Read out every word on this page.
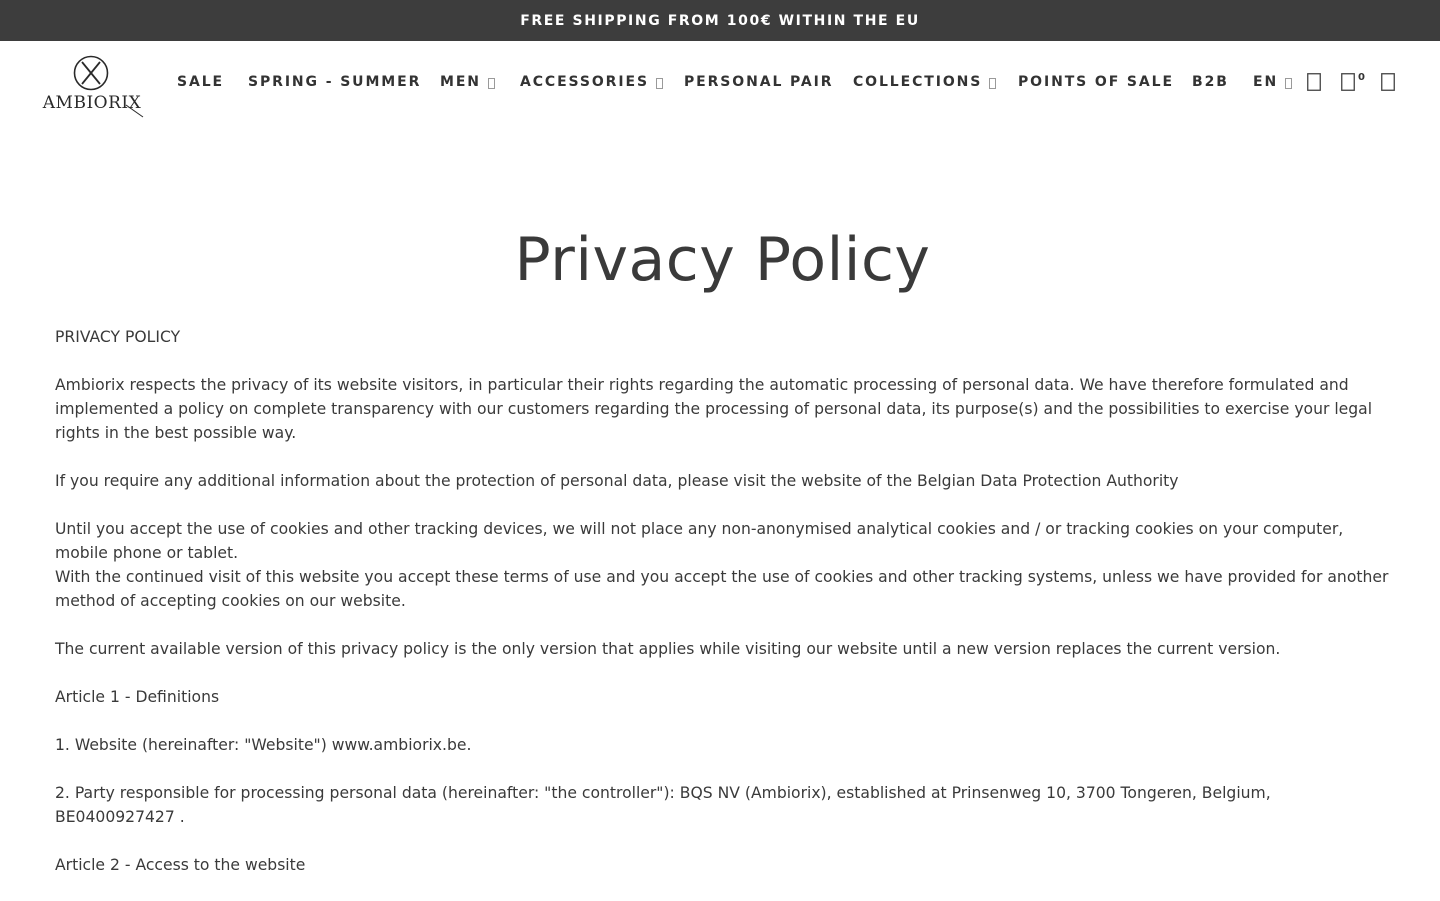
FREE SHIPPING FROM 100€ WITHIN THE EU
AMBIORIX
SALE SPRING - SUMMER MEN	ACCESSORIES	PERSONAL PAIR COLLECTIONS	POINTS OF SALE B2B EN	0
Privacy Policy

PRIVACY POLICY

Ambiorix respects the privacy of its website visitors, in particular their rights regarding the automatic processing of personal data. We have therefore formulated and implemented a policy on complete transparency with our customers regarding the processing of personal data, its purpose(s) and the possibilities to exercise your legal rights in the best possible way.

If you require any additional information about the protection of personal data, please visit the website of the Belgian Data Protection Authority

Until you accept the use of cookies and other tracking devices, we will not place any non-anonymised analytical cookies and / or tracking cookies on your computer, mobile phone or tablet.

With the continued visit of this website you accept these terms of use and you accept the use of cookies and other tracking systems, unless we have provided for another method of accepting cookies on our website.

The current available version of this privacy policy is the only version that applies while visiting our website until a new version replaces the current version.

Article 1 - Definitions

1. Website (hereinafter: "Website") www.ambiorix.be.

2. Party responsible for processing personal data (hereinafter: "the controller"): BQS NV (Ambiorix), established at Prinsenweg 10, 3700 Tongeren, Belgium, BE0400927427 .

Article 2 - Access to the website
